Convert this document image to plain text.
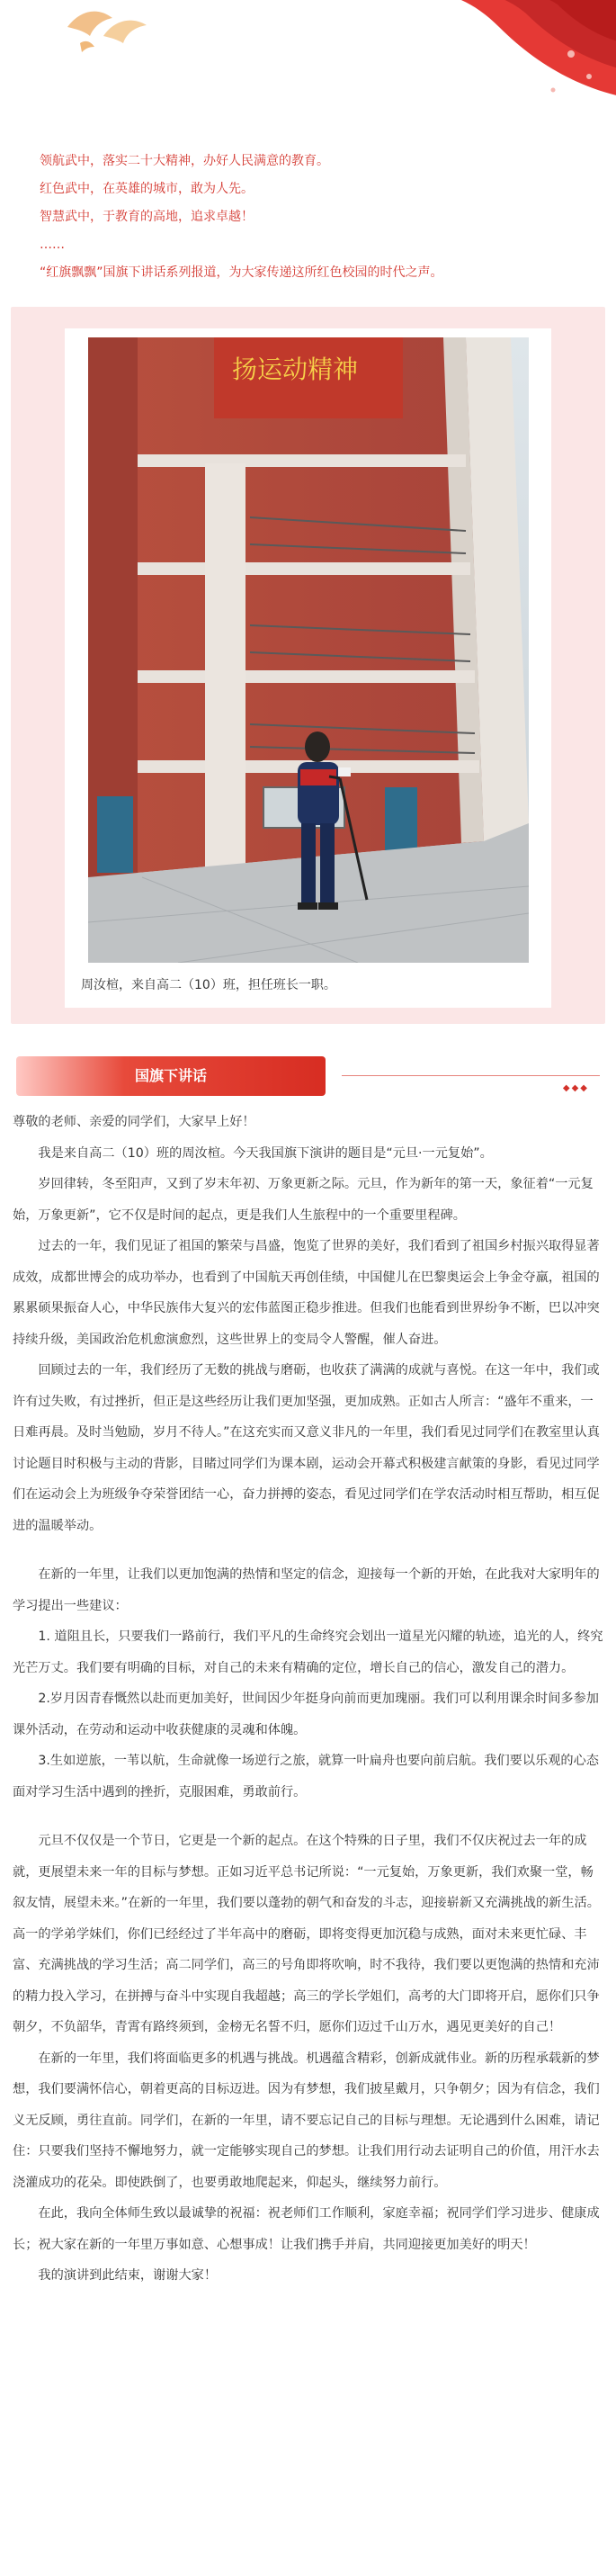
领航武中，落实二十大精神，办好人民满意的教育。

红色武中，在英雄的城市，敢为人先。

智慧武中，于教育的高地，追求卓越！

……

“红旗飘飘”国旗下讲话系列报道，为大家传递这所红色校园的时代之声。

扬运动精神
周汝楦，来自高二（10）班，担任班长一职。
国旗下讲话
◆◆◆

尊敬的老师、亲爱的同学们，大家早上好！

我是来自高二（10）班的周汝楦。今天我国旗下演讲的题目是“元旦·一元复始”。

岁回律转，冬至阳声，又到了岁末年初、万象更新之际。元旦，作为新年的第一天，象征着“一元复始，万象更新”，它不仅是时间的起点，更是我们人生旅程中的一个重要里程碑。

过去的一年，我们见证了祖国的繁荣与昌盛，饱览了世界的美好，我们看到了祖国乡村振兴取得显著成效，成都世博会的成功举办，也看到了中国航天再创佳绩，中国健儿在巴黎奥运会上争金夺羸，祖国的累累硕果振奋人心，中华民族伟大复兴的宏伟蓝图正稳步推进。但我们也能看到世界纷争不断，巴以冲突持续升级，美国政治危机愈演愈烈，这些世界上的变局令人警醒，催人奋进。

回顾过去的一年，我们经历了无数的挑战与磨砺，也收获了满满的成就与喜悦。在这一年中，我们或许有过失败，有过挫折，但正是这些经历让我们更加坚强，更加成熟。正如古人所言：“盛年不重来，一日难再晨。及时当勉励，岁月不待人。”在这充实而又意义非凡的一年里，我们看见过同学们在教室里认真讨论题目时积极与主动的背影，目睹过同学们为课本剧，运动会开幕式积极建言献策的身影，看见过同学们在运动会上为班级争夺荣誉团结一心，奋力拼搏的姿态，看见过同学们在学农活动时相互帮助，相互促进的温暖举动。

在新的一年里，让我们以更加饱满的热情和坚定的信念，迎接每一个新的开始，在此我对大家明年的学习提出一些建议：

1. 道阻且长，只要我们一路前行，我们平凡的生命终究会划出一道星光闪耀的轨迹，追光的人，终究光芒万丈。我们要有明确的目标，对自己的未来有精确的定位，增长自己的信心，激发自己的潜力。

2.岁月因青春慨然以赴而更加美好，世间因少年挺身向前而更加瑰丽。我们可以利用课余时间多参加课外活动，在劳动和运动中收获健康的灵魂和体魄。

3.生如逆旅，一苇以航，生命就像一场逆行之旅，就算一叶扁舟也要向前启航。我们要以乐观的心态面对学习生活中遇到的挫折，克服困难，勇敢前行。

元旦不仅仅是一个节日，它更是一个新的起点。在这个特殊的日子里，我们不仅庆祝过去一年的成就，更展望未来一年的目标与梦想。正如习近平总书记所说：“一元复始，万象更新，我们欢聚一堂，畅叙友情，展望未来。”在新的一年里，我们要以蓬勃的朝气和奋发的斗志，迎接崭新又充满挑战的新生活。高一的学弟学妹们，你们已经经过了半年高中的磨砺，即将变得更加沉稳与成熟，面对未来更忙碌、丰富、充满挑战的学习生活；高二同学们，高三的号角即将吹响，时不我待，我们要以更饱满的热情和充沛的精力投入学习，在拼搏与奋斗中实现自我超越；高三的学长学姐们，高考的大门即将开启，愿你们只争朝夕，不负韶华，青霄有路终须到，金榜无名誓不归，愿你们迈过千山万水，遇见更美好的自己！

在新的一年里，我们将面临更多的机遇与挑战。机遇蕴含精彩，创新成就伟业。新的历程承载新的梦想，我们要满怀信心，朝着更高的目标迈进。因为有梦想，我们披星戴月，只争朝夕；因为有信念，我们义无反顾，勇往直前。同学们，在新的一年里，请不要忘记自己的目标与理想。无论遇到什么困难，请记住：只要我们坚持不懈地努力，就一定能够实现自己的梦想。让我们用行动去证明自己的价值，用汗水去浇灌成功的花朵。即使跌倒了，也要勇敢地爬起来，仰起头，继续努力前行。

在此，我向全体师生致以最诚挚的祝福：祝老师们工作顺利，家庭幸福；祝同学们学习进步、健康成长；祝大家在新的一年里万事如意、心想事成！让我们携手并肩，共同迎接更加美好的明天！

我的演讲到此结束，谢谢大家！
